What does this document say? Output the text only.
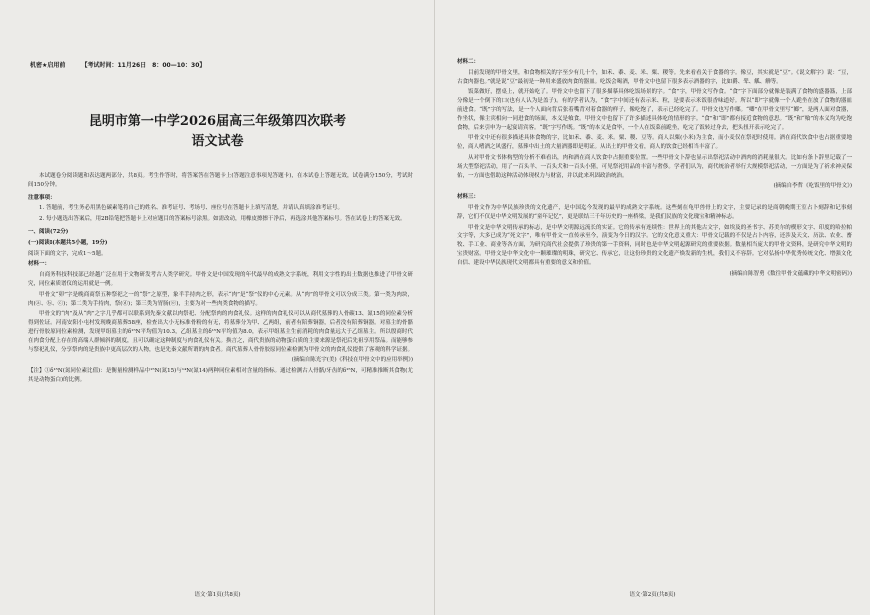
机密★启用前	【考试时间：11月26日　8：00—10：30】
昆明市第一中学2026届高三年级第四次联考
语文试卷

本试题卷分阅读题和表达题两部分，共8页。考生作答时，将答案答在答题卡上(答题注意事项见答题卡)，在本试卷上答题无效，试卷满分150分，考试时间150分钟。

注意事项：

1. 答题前，考生务必用黑色碳素笔将自己的姓名、准考证号、考场号、座位号在答题卡上填写清楚，并请认真填涂准考证号。

2. 每小题选出答案后，用2B铅笔把答题卡上对应题目的答案标号涂黑。如需改动，用橡皮擦擦干净后，再选涂其他答案标号。答在试卷上的答案无效。

一、阅读(72分)

(一)阅读Ⅰ(本题共5小题，19分)

阅读下面的文字，完成1～5题。

材料一：

自商务科技科技部已经越广泛在用于文物研发考古人类学研究。甲骨文是中国发现的年代最早的成熟文字系统，利用文字性的出土数据也推进了甲骨文研究，同位素质谱仪的运用就是一例。

甲骨文“卯”字是晚商商祭五种祭祀之一的“祭”之原型，象半手持肉之形，表示“肉”是“祭”仪的中心元素。从“肉”的甲骨文可以分成三类。第一类为肉块，肉(ⓐ、ⓑ、ⓒ)；第二类为手持肉，祭(ⓓ)；第三类为胃肠(ⓔ)，主要为对一些肉类食物的描写。

甲骨文的“肉”及从“肉”之字几乎都可以联系到先秦文献以肉祭祀、分配祭肉的肉食礼仪。这样的肉食礼仪可以从商代墓葬的人骨碳13、氮15的同位素分析得到佐证。河南安阳小屯村发现晚商墓葬58座，检查出大小无标准骨粉的有无，将墓葬分为甲、乙两组，前者有陪葬铜器，后者没有陪葬铜器。对墓主的骨骼进行骨胶原同位素检测，发现甲组墓主的δ¹⁵N平均值为10.3，乙组墓主的δ¹⁵N平均值为8.0，表示甲组墓主生前消耗的肉食量远大于乙组墓主。所以殷商时代在肉食分配上存在的高端人群倾斜的制度，且可以确定这种制度与肉食礼仪有关。换言之，商代贵族的动物蛋白质的主要来源是祭祀后先祖享用祭品。而能够参与祭祀礼仪，分享祭肉的是贵族中更高层次的人物，也是先秦文献所谓的肉食者。商代墓葬人骨骨胶原同位素检测为甲骨文的肉食礼仪提供了客观的科学证据。

(摘编自陈光宇(美)《科技在甲骨文中的应用举例》)

【注】①δ¹⁵N(氮同位素比值)：是衡量检测样品中¹⁵N(氮15)与¹⁴N(氮14)两种同位素相对含量的指标。通过检测古人骨骼/牙齿的δ¹⁵N，可精准推断其食物(尤其是动物蛋白)的比例。

语文·第1页(共8页)

材料二：

目前发现的甲骨文里，和食物相关的字至少有几十个，如禾、黍、麦、米、粟、稷等。先来看看关于食器的字。像豆，其实就是“豆”。《说文解字》说：“豆，古食肉器也。”就是说“豆”最初是一种用来盛放肉食的器皿。吃饭会喝酒，甲骨文中也留下很多表示酒器的字，比如爵、斝、觚、觯等。

饭菜做好，摆桌上，就开始吃了。甲骨文中也留下了很多描摹具体吃饭场景的字。“食”字，甲骨文写作食。“食”字下面部分就像是装满了食物的盛器簋，上部分像是一个倒下的口(也有人认为是盖子)。有的学者认为，“食”字中间还有表示米、粒，是要表示米饭很香味道好。所以“即”字就像一个人跪坐在放了食物的器皿前进食。“既”字的写法，是一个人面向背后张着嘴背对着食器的样子，像吃饱了，表示已经吃完了。甲骨文也写作鄉。“卿”在甲骨文里写“鄉”，是两人面对食器，作坐状，像主宾相向一同进食的场面，本义是飨食。甲骨文中也留下了许多描述具体吃的情形的字。“食”和“即”都有接近食物的意思。“既”和“飨”的本义均为吃饱食物，后来引申为一起宴请宾客。“既”字写作既。“既”的本义是食毕，一个人在饭菜前跪坐，吃完了饭转过身去，把头扭开表示吃完了。

甲骨文中还有很多描述具体食物的字，比如禾、黍、麦、米。粟、稷、豆等。商人以粟(小米)为主食，而小麦仅在祭祀时使用。酒在商代饮食中也占据重要地位，商人嗜酒之风盛行，墓葬中出土的大量酒器即是明证。从出土的甲骨文看，商人的饮食已经相当丰富了。

从对甲骨文书体构型的分析不难看出，肉和酒在商人饮食中占据重要位置。一些甲骨文卜辞也显示出祭祀活动中酒肉的消耗量很大。比如有条卜辞里记载了一场大型祭祀活动，用了一百头羊、一百头犬和一百头小猪，可见祭祀用品的丰富与奢侈。学者们认为，商代统治者举行大规模祭祀活动，一方面是为了祈求神灵保佑，一方面也借助这种活动体现权力与财富，并以此来巩固政治统治。

(摘编自李哲《吃饭里的甲骨文》)

材料三：

甲骨文作为中华民族珍贵的文化遗产，是中国迄今发现的最早的成熟文字系统。这些刻在龟甲兽骨上的文字，主要记录的是商朝晚期王室占卜刻辞和记事刻辞，它们不仅是中华文明发展的“童年记忆”，更是联结三千年历史的一座桥梁，是我们民族的文化瑰宝和精神标志。

甲骨文是中华文明传承的标志，是中华文明源远流长的实证。它的传承有连续性：世界上的其他古文字，如埃及的圣书字、苏美尔的楔形文字、印度的哈拉帕文字等，大多已成为“死文字”，唯有甲骨文一直传承至今，演变为今日的汉字。它的文化意义重大：甲骨文记载的不仅是占卜内容，还涉及天文、历法、农业、畜牧、手工业、商业等各方面，为研究商代社会提供了珍贵的第一手资料，同时也是中华文明起源研究的重要依据。数量相当庞大的甲骨文资料，是研究中华文明的宝贵财富。甲骨文是中华文化中一颗璀璨的明珠，研究它、传承它，让这份珍贵的文化遗产焕发新的生机，我们义不容辞。它对弘扬中华优秀传统文化、增强文化自信、建设中华民族现代文明都具有重要的意义和价值。

(摘编自陈智勇《数往甲骨文蕴藏的中华文明密码》)
语文·第2页(共8页)
